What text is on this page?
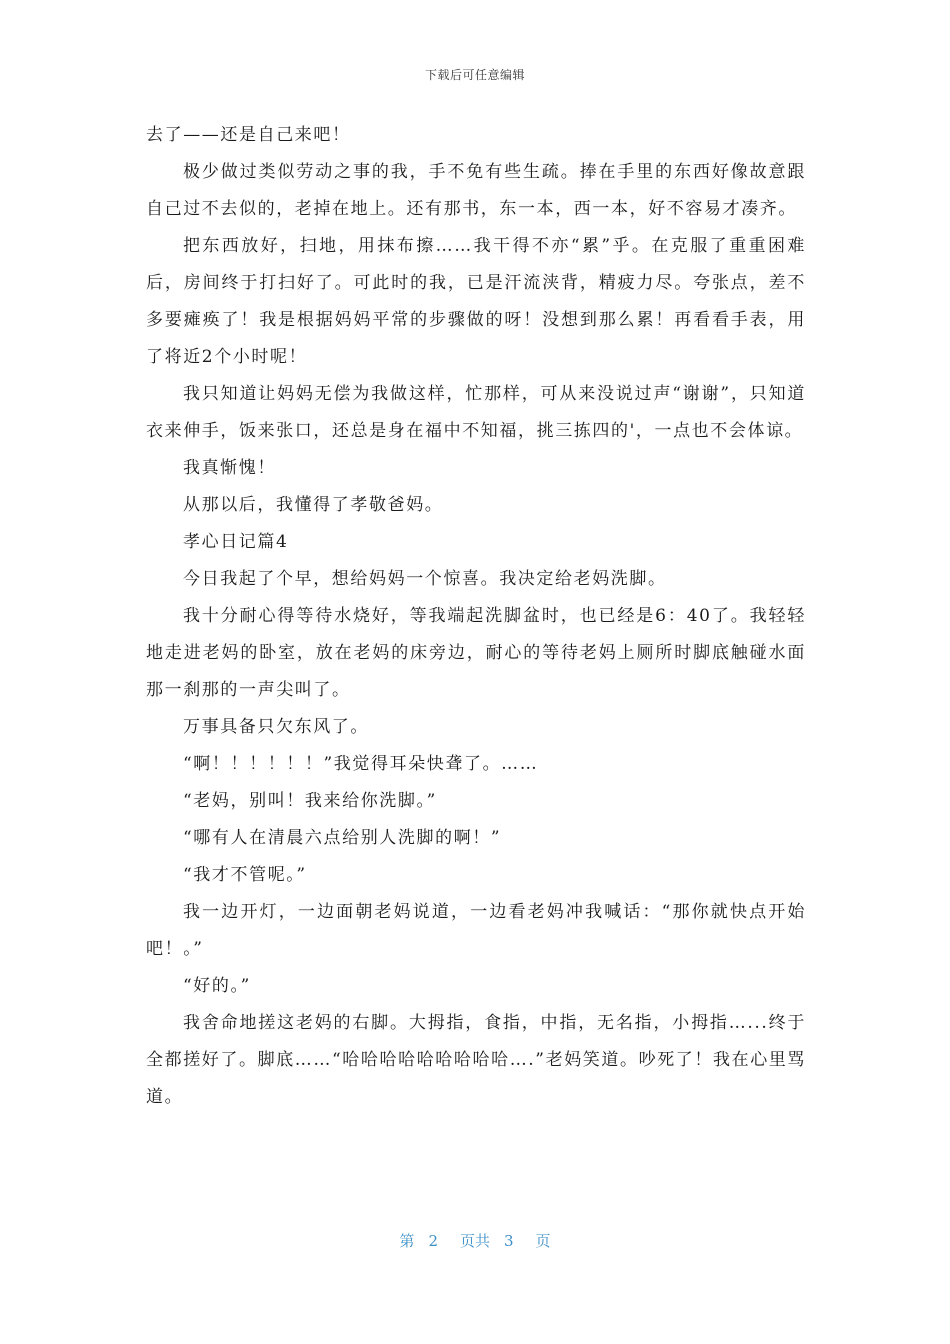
下载后可任意编辑

去了——还是自己来吧！

极少做过类似劳动之事的我，手不免有些生疏。捧在手里的东西好像故意跟自己过不去似的，老掉在地上。还有那书，东一本，西一本，好不容易才凑齐。

把东西放好，扫地，用抹布擦……我干得不亦“累”乎。在克服了重重困难后，房间终于打扫好了。可此时的我，已是汗流浃背，精疲力尽。夸张点，差不多要瘫痪了！我是根据妈妈平常的步骤做的呀！没想到那么累！再看看手表，用了将近2个小时呢！

我只知道让妈妈无偿为我做这样，忙那样，可从来没说过声“谢谢”，只知道衣来伸手，饭来张口，还总是身在福中不知福，挑三拣四的'，一点也不会体谅。

我真惭愧！

从那以后，我懂得了孝敬爸妈。

孝心日记篇4

今日我起了个早，想给妈妈一个惊喜。我决定给老妈洗脚。

我十分耐心得等待水烧好，等我端起洗脚盆时，也已经是6：40了。我轻轻地走进老妈的卧室，放在老妈的床旁边，耐心的等待老妈上厕所时脚底触碰水面那一刹那的一声尖叫了。

万事具备只欠东风了。

“啊！！！！！！”我觉得耳朵快聋了。……

“老妈，别叫！我来给你洗脚。”

“哪有人在清晨六点给别人洗脚的啊！”

“我才不管呢。”

我一边开灯，一边面朝老妈说道，一边看老妈冲我喊话：“那你就快点开始吧！。”

“好的。”

我舍命地搓这老妈的右脚。大拇指，食指，中指，无名指，小拇指…...终于全都搓好了。脚底……“哈哈哈哈哈哈哈哈哈….”老妈笑道。吵死了！我在心里骂道。

第 2 页共 3 页
